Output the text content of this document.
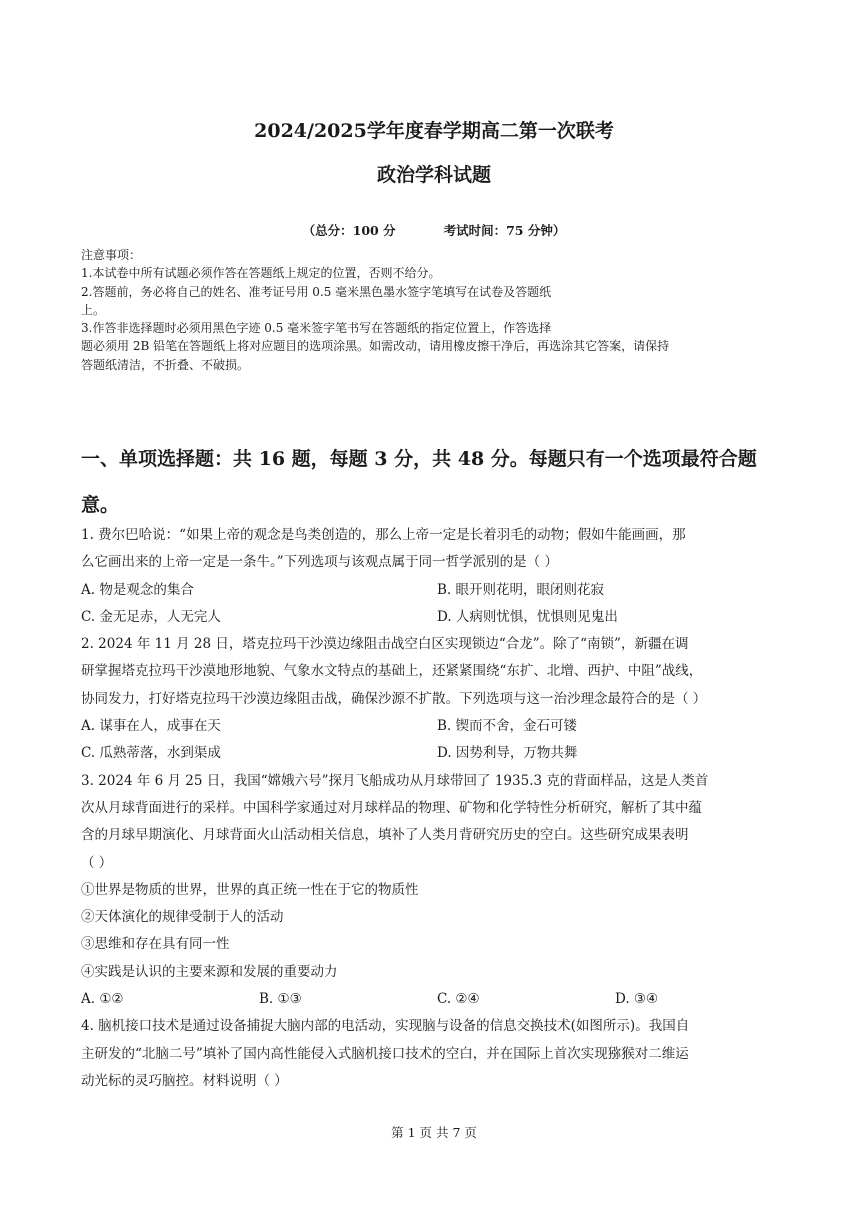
2024/2025学年度春学期高二第一次联考
政治学科试题
（总分：100 分	考试时间：75 分钟）
注意事项：
1.本试卷中所有试题必须作答在答题纸上规定的位置，否则不给分。
2.答题前，务必将自己的姓名、准考证号用 0.5 毫米黑色墨水签字笔填写在试卷及答题纸
上。
3.作答非选择题时必须用黑色字迹 0.5 毫米签字笔书写在答题纸的指定位置上，作答选择
题必须用 2B 铅笔在答题纸上将对应题目的选项涂黑。如需改动，请用橡皮擦干净后，再选涂其它答案，请保持
答题纸清洁，不折叠、不破损。
一、单项选择题：共 16 题，每题 3 分，共 48 分。每题只有一个选项最符合题
意。
1. 费尔巴哈说：“如果上帝的观念是鸟类创造的，那么上帝一定是长着羽毛的动物；假如牛能画画，那
么它画出来的上帝一定是一条牛。”下列选项与该观点属于同一哲学派别的是（ ）
A. 物是观念的集合	B. 眼开则花明，眼闭则花寂
C. 金无足赤，人无完人	D. 人病则忧惧，忧惧则见鬼出
2. 2024 年 11 月 28 日，塔克拉玛干沙漠边缘阻击战空白区实现锁边“合龙”。除了“南锁”，新疆在调
研掌握塔克拉玛干沙漠地形地貌、气象水文特点的基础上，还紧紧围绕“东扩、北增、西护、中阻”战线，
协同发力，打好塔克拉玛干沙漠边缘阻击战，确保沙源不扩散。下列选项与这一治沙理念最符合的是（ ）
A. 谋事在人，成事在天	B. 锲而不舍，金石可镂
C. 瓜熟蒂落，水到渠成	D. 因势利导，万物共舞
3. 2024 年 6 月 25 日，我国“嫦娥六号”探月飞船成功从月球带回了 1935.3 克的背面样品，这是人类首
次从月球背面进行的采样。中国科学家通过对月球样品的物理、矿物和化学特性分析研究，解析了其中蕴
含的月球早期演化、月球背面火山活动相关信息，填补了人类月背研究历史的空白。这些研究成果表明
（ ）
①世界是物质的世界，世界的真正统一性在于它的物质性
②天体演化的规律受制于人的活动
③思维和存在具有同一性
④实践是认识的主要来源和发展的重要动力
A. ①②	B. ①③	C. ②④	D. ③④
4. 脑机接口技术是通过设备捕捉大脑内部的电活动，实现脑与设备的信息交换技术(如图所示)。我国自
主研发的“北脑二号”填补了国内高性能侵入式脑机接口技术的空白，并在国际上首次实现猕猴对二维运
动光标的灵巧脑控。材料说明（ ）
第 1 页 共 7 页
